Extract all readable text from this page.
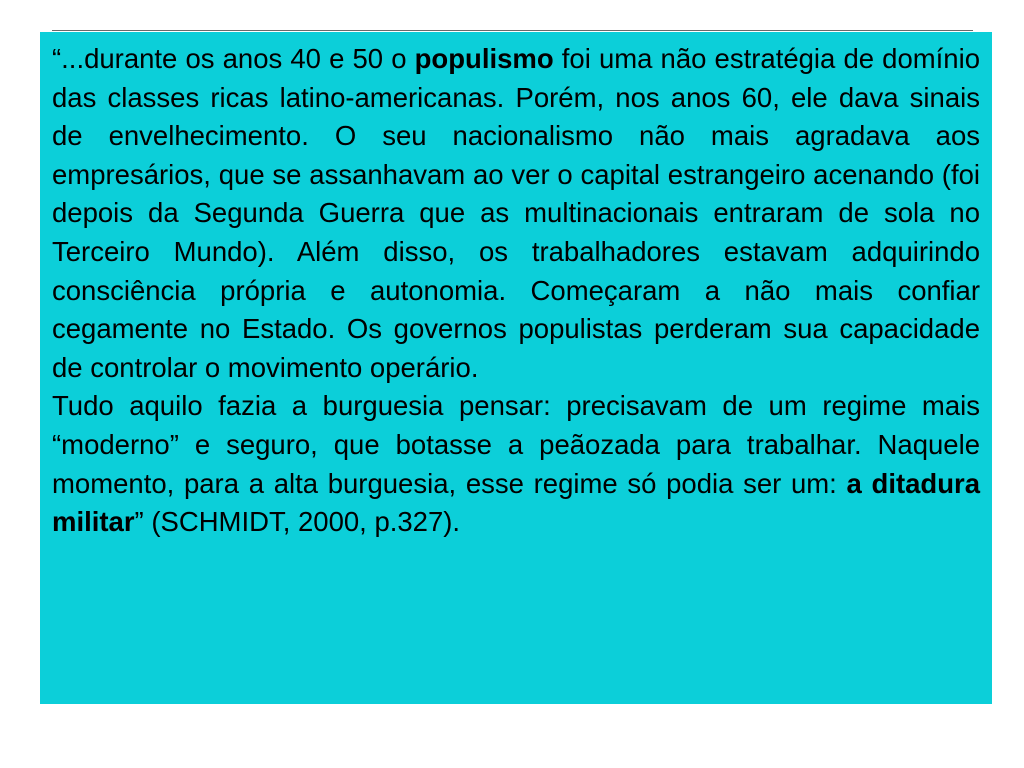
“...durante os anos 40 e 50 o populismo foi uma não estratégia de domínio das classes ricas latino-americanas. Porém, nos anos 60, ele dava sinais de envelhecimento. O seu nacionalismo não mais agradava aos empresários, que se assanhavam ao ver o capital estrangeiro acenando (foi depois da Segunda Guerra que as multinacionais entraram de sola no Terceiro Mundo). Além disso, os trabalhadores estavam adquirindo consciência própria e autonomia. Começaram a não mais confiar cegamente no Estado. Os governos populistas perderam sua capacidade de controlar o movimento operário.

Tudo aquilo fazia a burguesia pensar: precisavam de um regime mais “moderno” e seguro, que botasse a peãozada para trabalhar. Naquele momento, para a alta burguesia, esse regime só podia ser um: a ditadura militar” (SCHMIDT, 2000, p.327).
